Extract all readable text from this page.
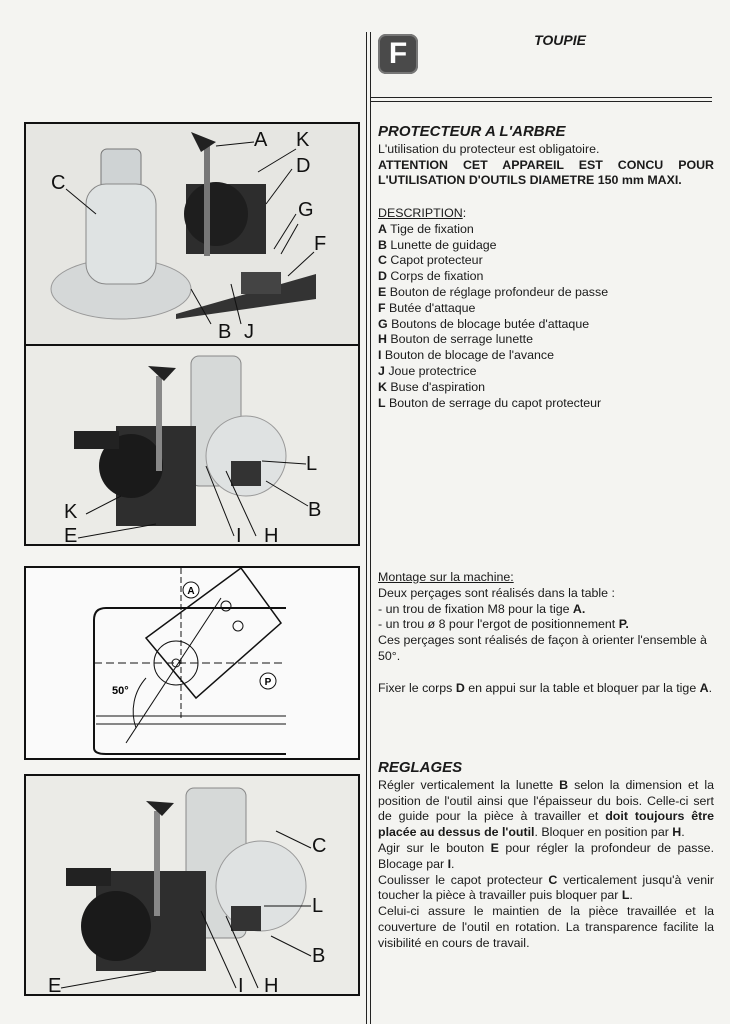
F	TOUPIE
A K
C
D
G
F
B J
L
K	B
E	I H
A
P
50°
C
L
B
E	I H
PROTECTEUR A L'ARBRE
L'utilisation du protecteur est obligatoire.
ATTENTION CET APPAREIL EST CONCU POUR
L'UTILISATION D'OUTILS DIAMETRE 150 mm MAXI.
DESCRIPTION:
A Tige de fixation
B Lunette de guidage
C Capot protecteur
D Corps de fixation
E Bouton de réglage profondeur de passe
F Butée d'attaque
G Boutons de blocage butée d'attaque
H Bouton de serrage lunette
I Bouton de blocage de l'avance
J Joue protectrice
K Buse d'aspiration
L Bouton de serrage du capot protecteur
Montage sur la machine:
Deux perçages sont réalisés dans la table :
- un trou de fixation M8 pour la tige A.
- un trou ø 8 pour l'ergot de positionnement P.
Ces perçages sont réalisés de façon à orienter l'ensemble à 50°.
Fixer le corps D en appui sur la table et bloquer par la tige A.
REGLAGES
Régler verticalement la lunette B selon la dimension et la position de l'outil ainsi que l'épaisseur du bois. Celle-ci sert de guide pour la pièce à travailler et doit toujours être placée au dessus de l'outil. Bloquer en position par H.
Agir sur le bouton E pour régler la profondeur de passe. Blocage par I.
Coulisser le capot protecteur C verticalement jusqu'à venir toucher la pièce à travailler puis bloquer par L.
Celui-ci assure le maintien de la pièce travaillée et la couverture de l'outil en rotation. La transparence facilite la visibilité en cours de travail.
